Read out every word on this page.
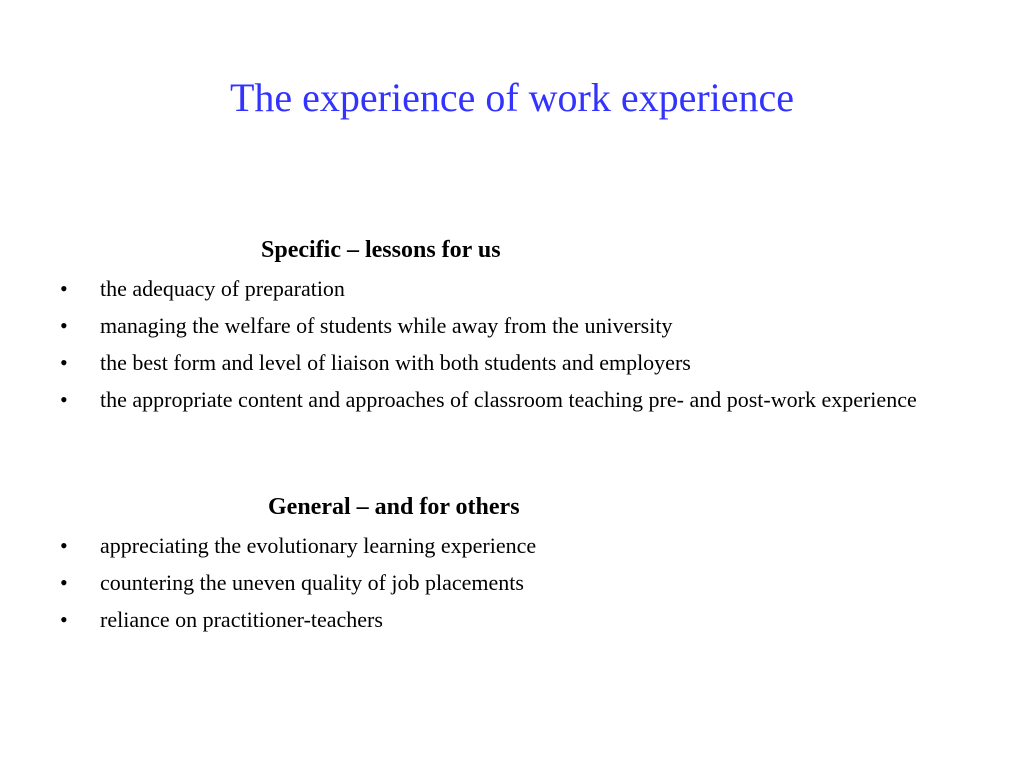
The experience of work experience
Specific – lessons for us
•	the adequacy of preparation
•	managing the welfare of students while away from the university
•	the best form and level of liaison with both students and employers
•	the appropriate content and approaches of classroom teaching pre- and post-work experience
General – and for others
•	appreciating the evolutionary learning experience
•	countering the uneven quality of job placements
•	reliance on practitioner-teachers
